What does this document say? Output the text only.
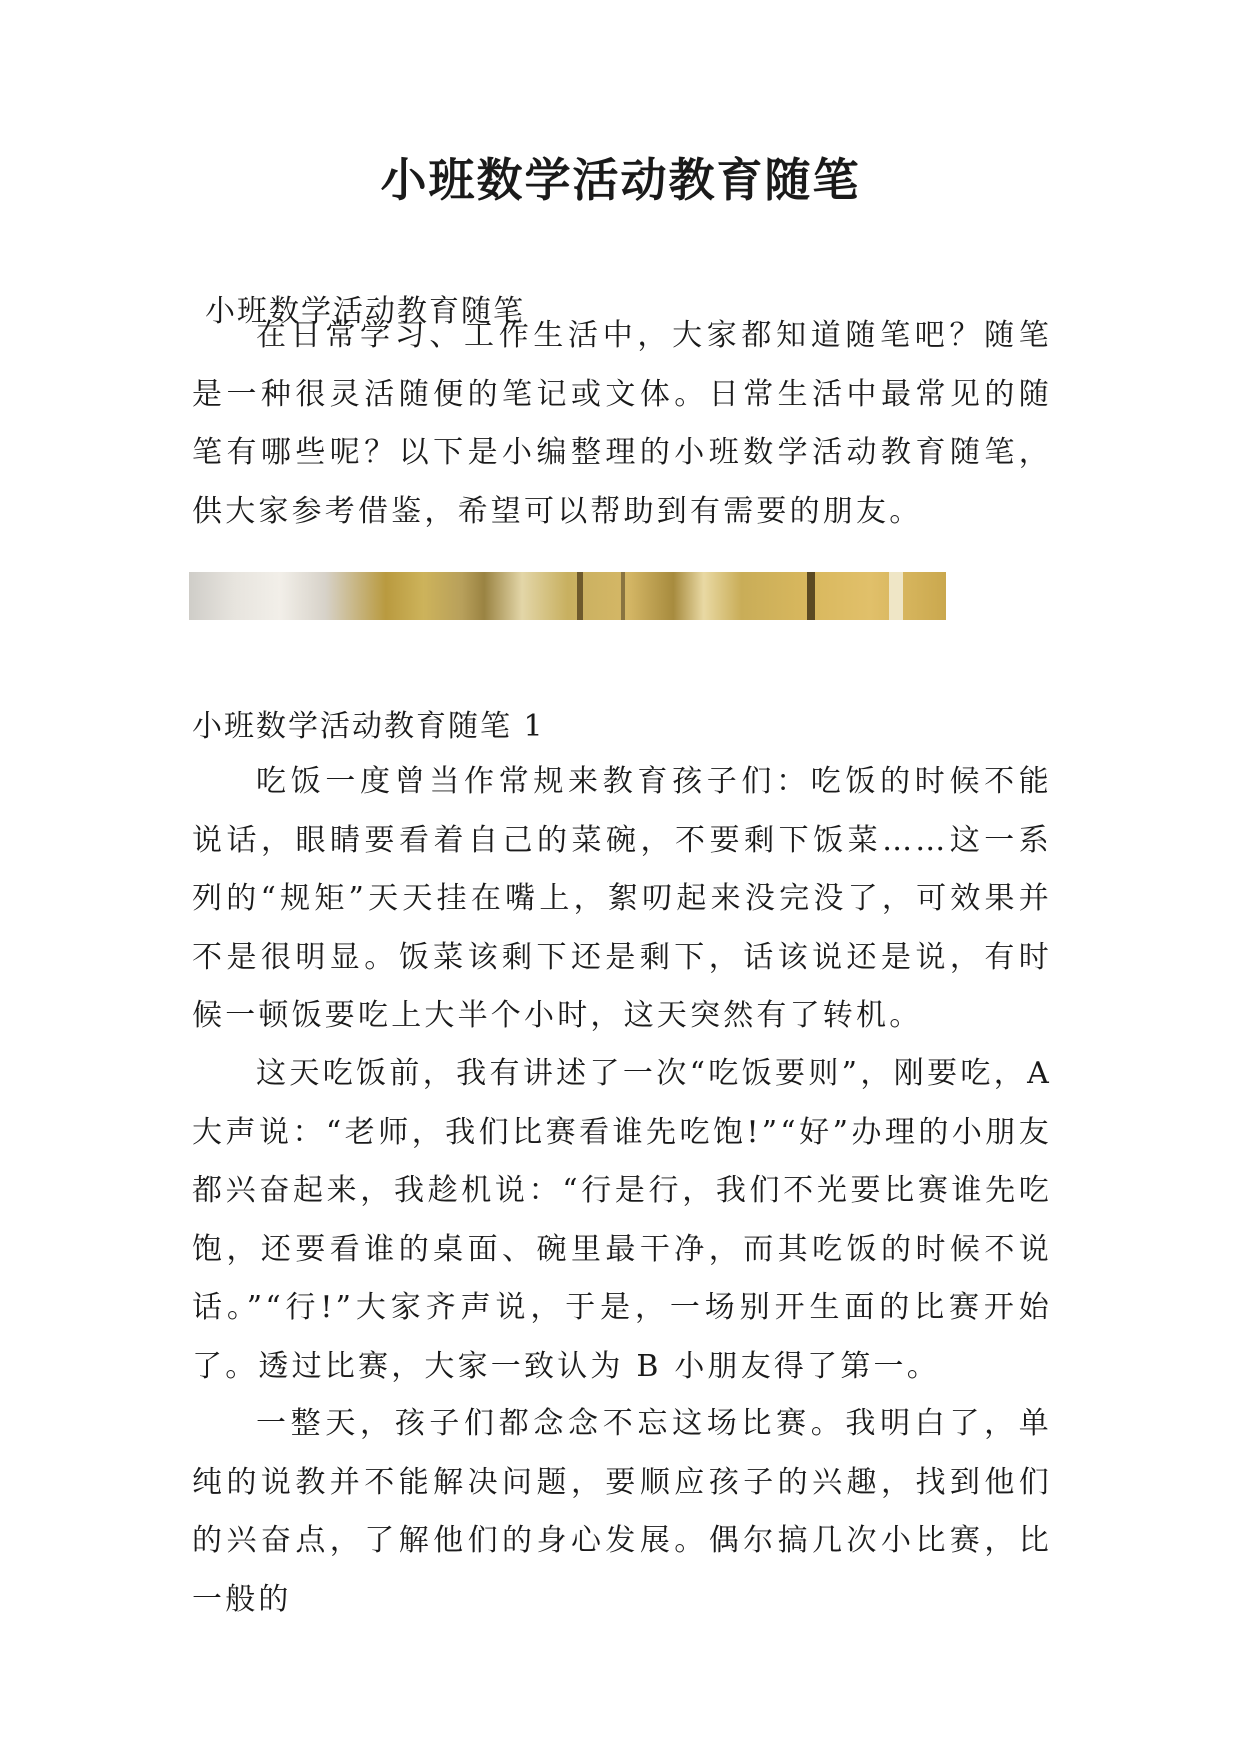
小班数学活动教育随笔

小班数学活动教育随笔

在日常学习、工作生活中，大家都知道随笔吧？随笔是一种很灵活随便的笔记或文体。日常生活中最常见的随笔有哪些呢？以下是小编整理的小班数学活动教育随笔，供大家参考借鉴，希望可以帮助到有需要的朋友。

小班数学活动教育随笔 1

吃饭一度曾当作常规来教育孩子们：吃饭的时候不能说话，眼睛要看着自己的菜碗，不要剩下饭菜……这一系列的“规矩”天天挂在嘴上，絮叨起来没完没了，可效果并不是很明显。饭菜该剩下还是剩下，话该说还是说，有时候一顿饭要吃上大半个小时，这天突然有了转机。

这天吃饭前，我有讲述了一次“吃饭要则”，刚要吃，A 大声说：“老师，我们比赛看谁先吃饱!”“好”办理的小朋友都兴奋起来，我趁机说：“行是行，我们不光要比赛谁先吃饱，还要看谁的桌面、碗里最干净，而其吃饭的时候不说话。”“行!”大家齐声说，于是，一场别开生面的比赛开始了。透过比赛，大家一致认为 B 小朋友得了第一。

一整天，孩子们都念念不忘这场比赛。我明白了，单纯的说教并不能解决问题，要顺应孩子的兴趣，找到他们的兴奋点，了解他们的身心发展。偶尔搞几次小比赛，比一般的
